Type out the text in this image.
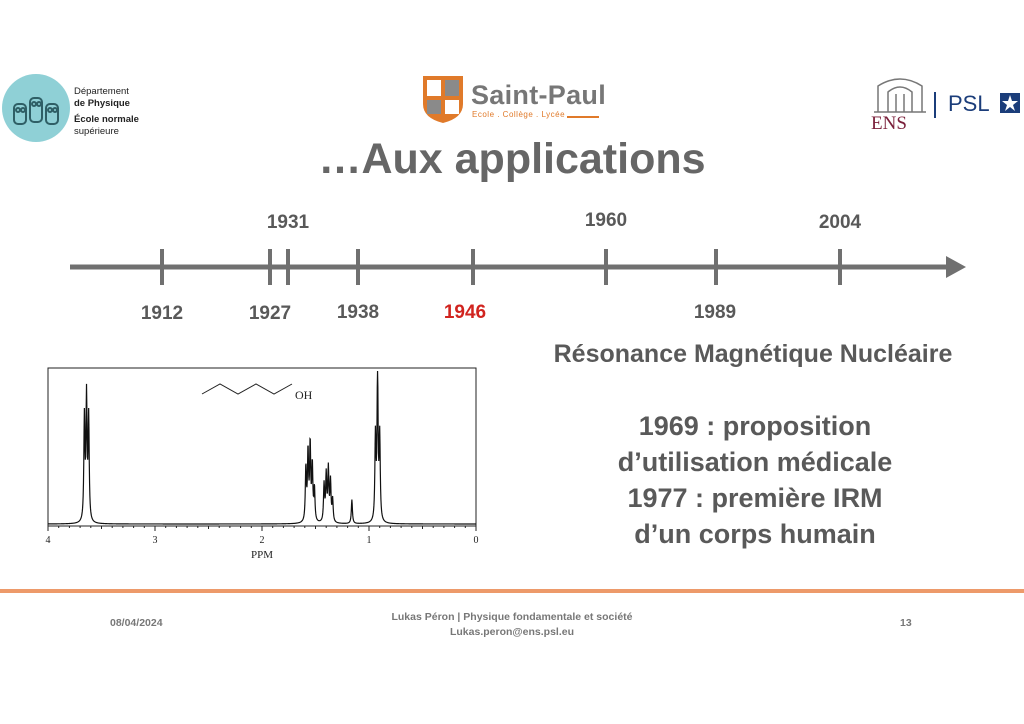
Département
de Physique
École normale
supérieure
Saint-Paul
Ecole . Collège . Lycée	ENS
PSL
…Aux applications
1931	1960	2004
1912	1927	1938	1946	1989
4	3	2	1	0
OH
PPM
Résonance Magnétique Nucléaire
1969 : proposition
d’utilisation médicale
1977 : première IRM
d’un corps humain
08/04/2024	Lukas Péron | Physique fondamentale et société
Lukas.peron@ens.psl.eu
13
